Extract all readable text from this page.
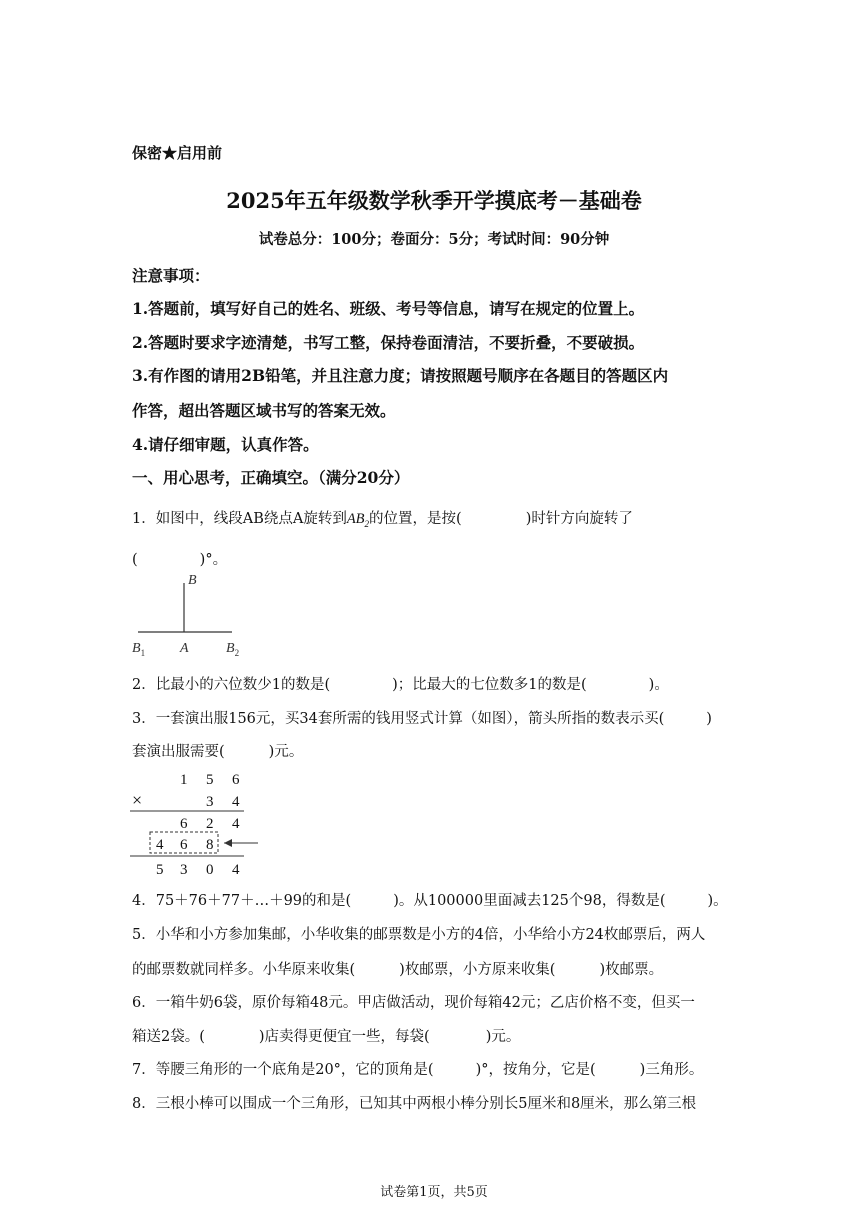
保密★启用前
2025年五年级数学秋季开学摸底考－基础卷
试卷总分：100分；卷面分：5分；考试时间：90分钟
注意事项：
1.答题前，填写好自己的姓名、班级、考号等信息，请写在规定的位置上。
2.答题时要求字迹清楚，书写工整，保持卷面清洁，不要折叠，不要破损。
3.有作图的请用2B铅笔，并且注意力度；请按照题号顺序在各题目的答题区内
作答，超出答题区域书写的答案无效。
4.请仔细审题，认真作答。
一、用心思考，正确填空。（满分20分）
1．如图中，线段AB绕点A旋转到$AB_2$的位置，是按(	)时针方向旋转了
(	)°。
B
$B_1$ A	$B_2$
2．比最小的六位数少1的数是(	)；比最大的七位数多1的数是(	)。
3．一套演出服156元，买34套所需的钱用竖式计算（如图），箭头所指的数表示买(	)
套演出服需要(	)元。
1 5 6
×	3 4
6 2 4
4 6 8
5 3 0 4
4．75＋76＋77＋…＋99的和是(	)。从100000里面减去125个98，得数是(	)。
5．小华和小方参加集邮，小华收集的邮票数是小方的4倍，小华给小方24枚邮票后，两人
的邮票数就同样多。小华原来收集(	)枚邮票，小方原来收集(	)枚邮票。
6．一箱牛奶6袋，原价每箱48元。甲店做活动，现价每箱42元；乙店价格不变，但买一
箱送2袋。(	)店卖得更便宜一些，每袋(	)元。
7．等腰三角形的一个底角是20°，它的顶角是(	)°，按角分，它是(	)三角形。
8．三根小棒可以围成一个三角形，已知其中两根小棒分别长5厘米和8厘米，那么第三根
试卷第1页，共5页
